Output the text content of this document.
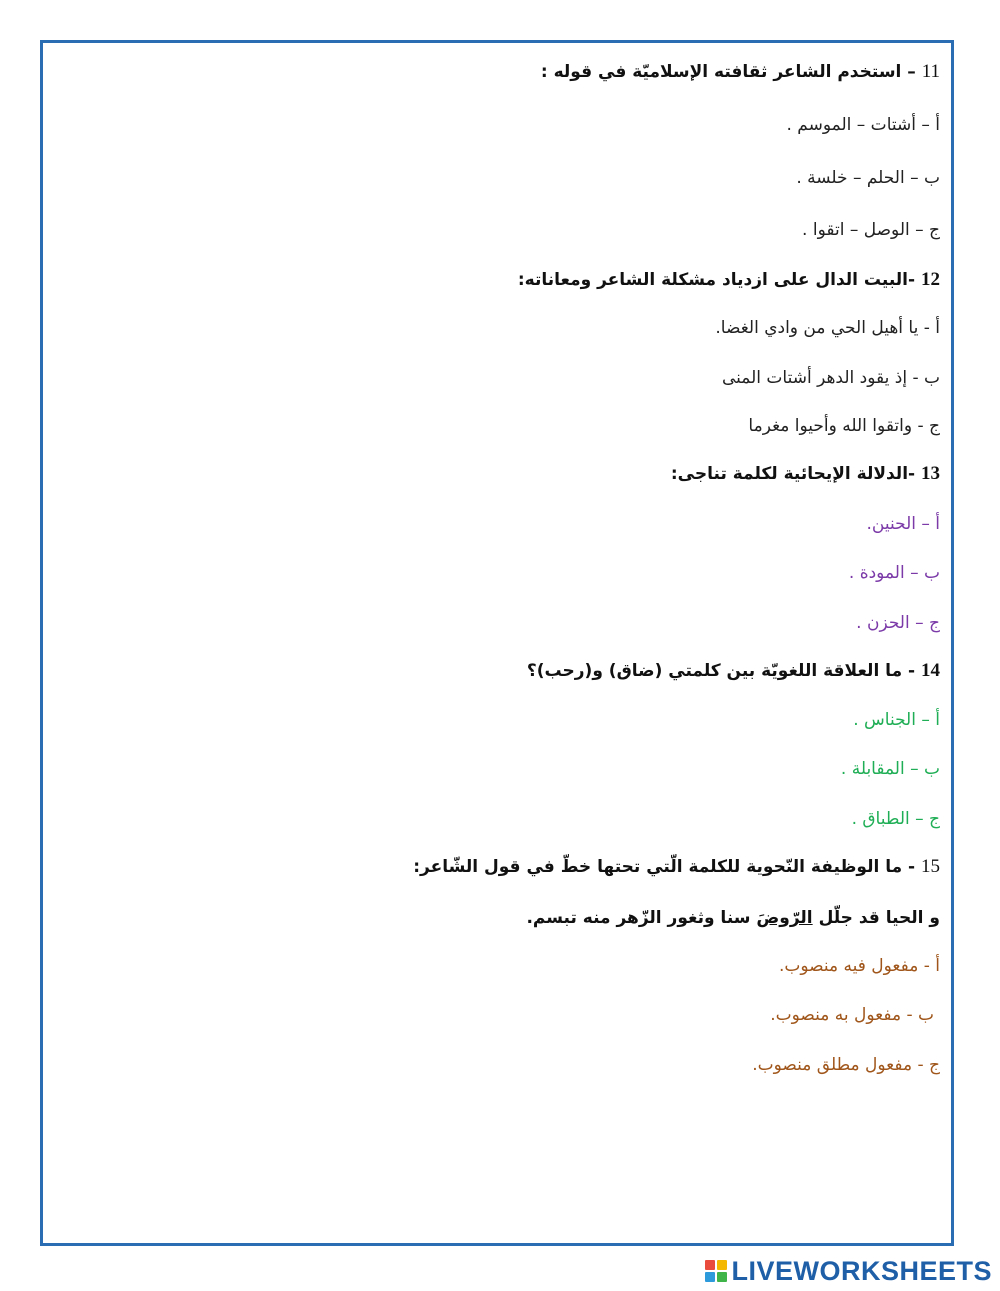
11 – استخدم الشاعر ثقافته الإسلاميّة في قوله :
أ – أشتات – الموسم .
ب – الحلم – خلسة .
ج – الوصل – اتقوا .
12 -البيت الدال على ازدياد مشكلة الشاعر ومعاناته:
أ - يا أهيل الحي من وادي الغضا.
ب - إذ يقود الدهر أشتات المنى
ج - واتقوا الله وأحيوا مغرما
13 -الدلالة الإيحائية لكلمة تناجى:
أ – الحنين.
ب – المودة .
ج – الحزن .
14 - ما العلاقة اللغويّة بين كلمتي (ضاق) و(رحب)؟
أ – الجناس .
ب – المقابلة .
ج – الطباق .
15 - ما الوظيفة النّحوية للكلمة الّتي تحتها خطّ في قول الشّاعر:
و الحيا قد جلّل الرّوضَ سنا وثغور الزّهر منه تبسم.
أ - مفعول فيه منصوب.
ب - مفعول به منصوب.
ج - مفعول مطلق منصوب.
LIVEWORKSHEETS
